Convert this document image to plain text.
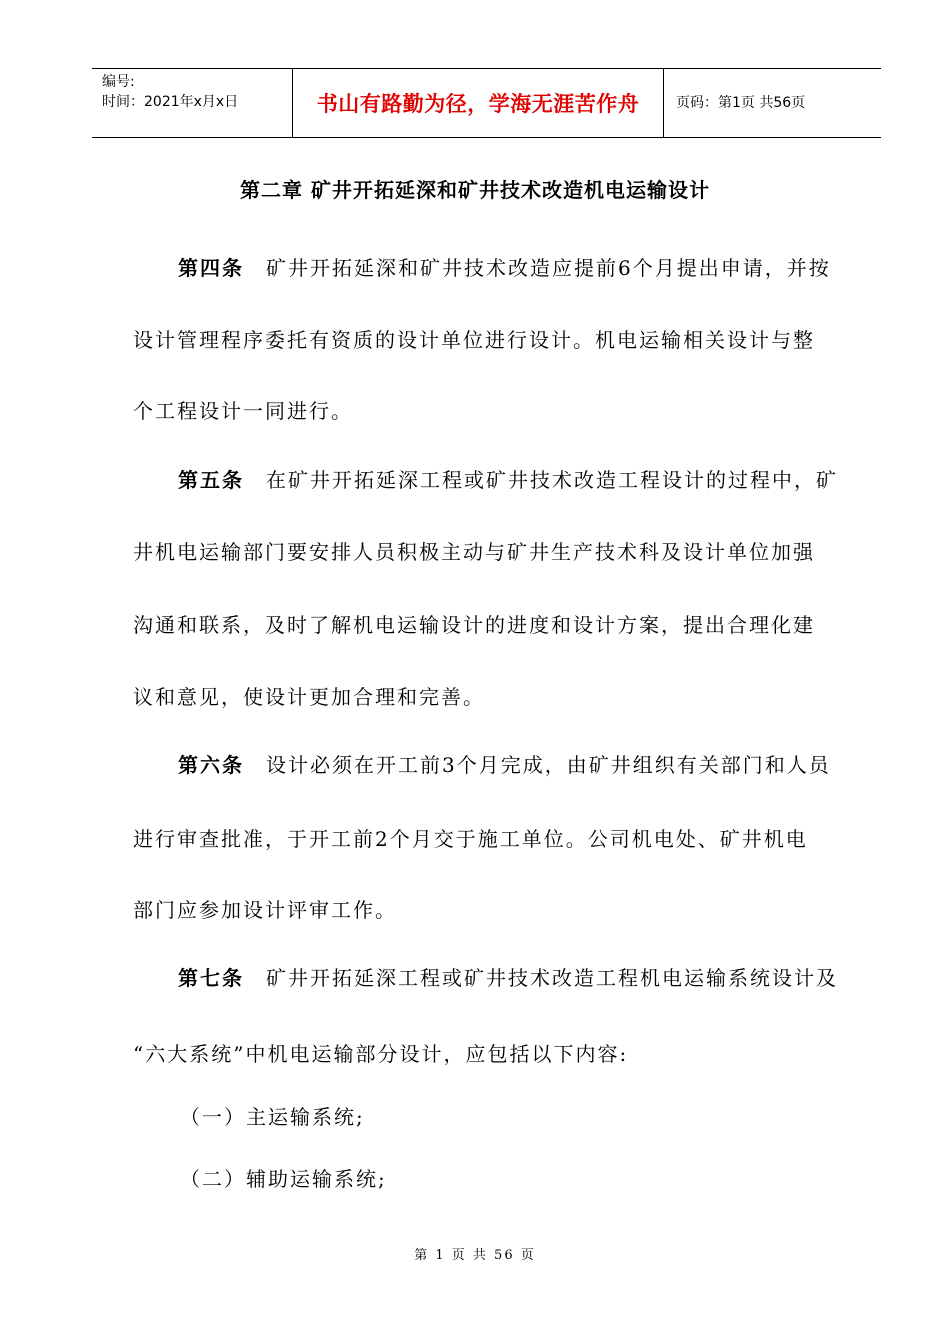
编号:
时间：2021年x月x日	书山有路勤为径，学海无涯苦作舟	页码：第1页 共56页
第二章 矿井开拓延深和矿井技术改造机电运输设计
第四条  矿井开拓延深和矿井技术改造应提前6个月提出申请，并按
设计管理程序委托有资质的设计单位进行设计。机电运输相关设计与整
个工程设计一同进行。
第五条  在矿井开拓延深工程或矿井技术改造工程设计的过程中，矿
井机电运输部门要安排人员积极主动与矿井生产技术科及设计单位加强
沟通和联系，及时了解机电运输设计的进度和设计方案，提出合理化建
议和意见，使设计更加合理和完善。
第六条  设计必须在开工前3个月完成，由矿井组织有关部门和人员
进行审查批准，于开工前2个月交于施工单位。公司机电处、矿井机电
部门应参加设计评审工作。
第七条  矿井开拓延深工程或矿井技术改造工程机电运输系统设计及
“六大系统”中机电运输部分设计，应包括以下内容:
（一）主运输系统;
（二）辅助运输系统;
第 1 页 共 56 页
